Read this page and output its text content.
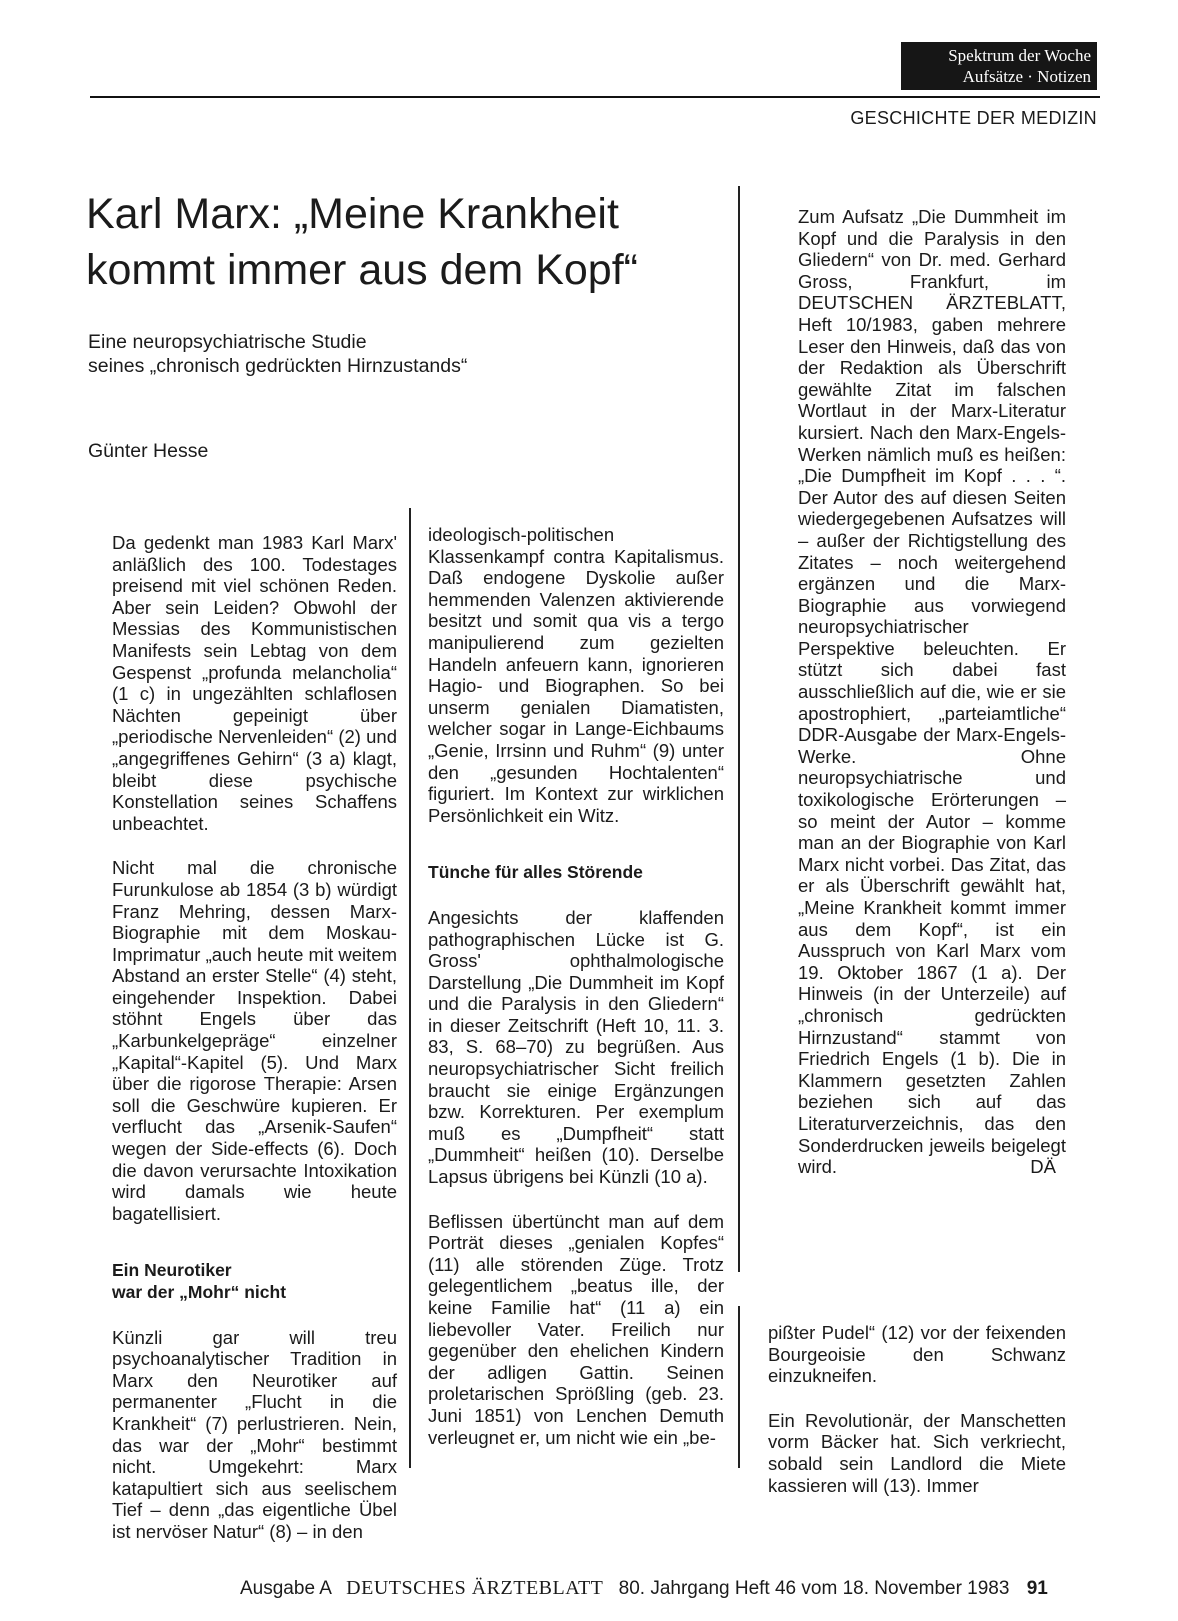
Spektrum der Woche
Aufsätze · Notizen
GESCHICHTE DER MEDIZIN
Karl Marx: „Meine Krankheit
kommt immer aus dem Kopf“
Eine neuropsychiatrische Studie
seines „chronisch gedrückten Hirnzustands“
Günter Hesse

Da gedenkt man 1983 Karl Marx' anläßlich des 100. Todestages preisend mit viel schönen Reden. Aber sein Leiden? Obwohl der Messias des Kommunistischen Manifests sein Lebtag von dem Gespenst „profunda melancholia“ (1 c) in ungezählten schlaflosen Nächten gepeinigt über „periodische Nervenleiden“ (2) und „angegriffenes Gehirn“ (3 a) klagt, bleibt diese psychische Konstellation seines Schaffens unbeachtet.

Nicht mal die chronische Furunkulose ab 1854 (3 b) würdigt Franz Mehring, dessen Marx-Biographie mit dem Moskau-Imprimatur „auch heute mit weitem Abstand an erster Stelle“ (4) steht, eingehender Inspektion. Dabei stöhnt Engels über das „Karbunkelgepräge“ einzelner „Kapital“-Kapitel (5). Und Marx über die rigorose Therapie: Arsen soll die Geschwüre kupieren. Er verflucht das „Arsenik-Saufen“ wegen der Side-effects (6). Doch die davon verursachte Intoxikation wird damals wie heute bagatellisiert.

Ein Neurotiker
war der „Mohr“ nicht

Künzli gar will treu psychoanalytischer Tradition in Marx den Neurotiker auf permanenter „Flucht in die Krankheit“ (7) perlustrieren. Nein, das war der „Mohr“ bestimmt nicht. Umgekehrt: Marx katapultiert sich aus seelischem Tief – denn „das eigentliche Übel ist nervöser Natur“ (8) – in den

ideologisch-politischen Klassenkampf contra Kapitalismus. Daß endogene Dyskolie außer hemmenden Valenzen aktivierende besitzt und somit qua vis a tergo manipulierend zum gezielten Handeln anfeuern kann, ignorieren Hagio- und Biographen. So bei unserm genialen Diamatisten, welcher sogar in Lange-Eichbaums „Genie, Irrsinn und Ruhm“ (9) unter den „gesunden Hochtalenten“ figuriert. Im Kontext zur wirklichen Persönlichkeit ein Witz.

Tünche für alles Störende

Angesichts der klaffenden pathographischen Lücke ist G. Gross' ophthalmologische Darstellung „Die Dummheit im Kopf und die Paralysis in den Gliedern“ in dieser Zeitschrift (Heft 10, 11. 3. 83, S. 68–70) zu begrüßen. Aus neuropsychiatrischer Sicht freilich braucht sie einige Ergänzungen bzw. Korrekturen. Per exemplum muß es „Dumpfheit“ statt „Dummheit“ heißen (10). Derselbe Lapsus übrigens bei Künzli (10 a).

Beflissen übertüncht man auf dem Porträt dieses „genialen Kopfes“ (11) alle störenden Züge. Trotz gelegentlichem „beatus ille, der keine Familie hat“ (11 a) ein liebevoller Vater. Freilich nur gegenüber den ehelichen Kindern der adligen Gattin. Seinen proletarischen Sprößling (geb. 23. Juni 1851) von Lenchen Demuth verleugnet er, um nicht wie ein „be-

Zum Aufsatz „Die Dummheit im Kopf und die Paralysis in den Gliedern“ von Dr. med. Gerhard Gross, Frankfurt, im DEUTSCHEN ÄRZTEBLATT, Heft 10/1983, gaben mehrere Leser den Hinweis, daß das von der Redaktion als Überschrift gewählte Zitat im falschen Wortlaut in der Marx-Literatur kursiert. Nach den Marx-Engels-Werken nämlich muß es heißen: „Die Dumpfheit im Kopf . . . “. Der Autor des auf diesen Seiten wiedergegebenen Aufsatzes will – außer der Richtigstellung des Zitates – noch weitergehend ergänzen und die Marx-Biographie aus vorwiegend neuropsychiatrischer Perspektive beleuchten. Er stützt sich dabei fast ausschließlich auf die, wie er sie apostrophiert, „parteiamtliche“ DDR-Ausgabe der Marx-Engels-Werke. Ohne neuropsychiatrische und toxikologische Erörterungen – so meint der Autor – komme man an der Biographie von Karl Marx nicht vorbei. Das Zitat, das er als Überschrift gewählt hat, „Meine Krankheit kommt immer aus dem Kopf“, ist ein Ausspruch von Karl Marx vom 19. Oktober 1867 (1 a). Der Hinweis (in der Unterzeile) auf „chronisch gedrückten Hirnzustand“ stammt von Friedrich Engels (1 b). Die in Klammern gesetzten Zahlen beziehen sich auf das Literaturverzeichnis, das den Sonderdrucken jeweils beigelegt wird.	DÄ

pißter Pudel“ (12) vor der feixenden Bourgeoisie den Schwanz einzukneifen.

Ein Revolutionär, der Manschetten vorm Bäcker hat. Sich verkriecht, sobald sein Landlord die Miete kassieren will (13). Immer

Ausgabe A DEUTSCHES ÄRZTEBLATT 80. Jahrgang Heft 46 vom 18. November 1983 91
